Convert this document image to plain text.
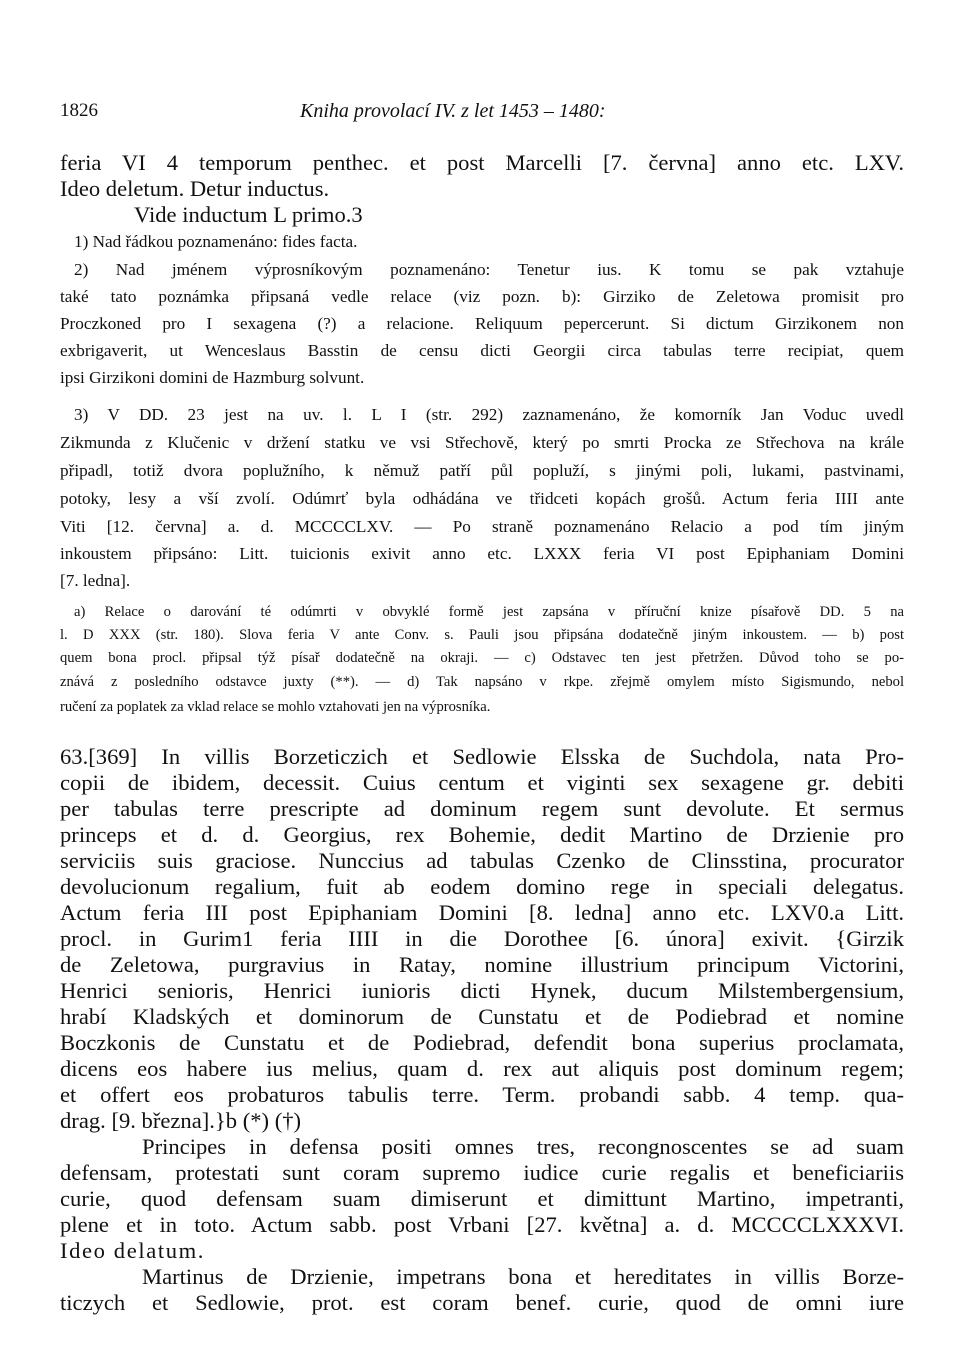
1826	Kniha provolací IV. z let 1453 – 1480:
feria VI 4 temporum penthec. et post Marcelli [7. června] anno etc. LXV.
Ideo deletum. Detur inductus.
Vide inductum L primo.3
1) Nad řádkou poznamenáno: fides facta.
2) Nad jménem výprosníkovým poznamenáno: Tenetur ius. K tomu se pak vztahuje
také tato poznámka připsaná vedle relace (viz pozn. b): Girziko de Zeletowa promisit pro
Proczkoned pro I sexagena (?) a relacione. Reliquum pepercerunt. Si dictum Girzikonem non
exbrigaverit, ut Wenceslaus Basstin de censu dicti Georgii circa tabulas terre recipiat, quem
ipsi Girzikoni domini de Hazmburg solvunt.
3) V DD. 23 jest na uv. l. L I (str. 292) zaznamenáno, že komorník Jan Voduc uvedl
Zikmunda z Klučenic v držení statku ve vsi Střechově, který po smrti Procka ze Střechova na krále
připadl, totiž dvora poplužního, k němuž patří půl popluží, s jinými poli, lukami, pastvinami,
potoky, lesy a vší zvolí. Odúmrť byla odhádána ve třidceti kopách grošů. Actum feria IIII ante
Viti [12. června] a. d. MCCCCLXV. — Po straně poznamenáno Relacio a pod tím jiným
inkoustem připsáno: Litt. tuicionis exivit anno etc. LXXX feria VI post Epiphaniam Domini
[7. ledna].
a) Relace o darování té odúmrti v obvyklé formě jest zapsána v příruční knize písařově DD. 5 na
l. D XXX (str. 180). Slova feria V ante Conv. s. Pauli jsou připsána dodatečně jiným inkoustem. — b) post
quem bona procl. připsal týž písař dodatečně na okraji. — c) Odstavec ten jest přetržen. Důvod toho se po-
znává z posledního odstavce juxty (**). — d) Tak napsáno v rkpe. zřejmě omylem místo Sigismundo, nebol
ručení za poplatek za vklad relace se mohlo vztahovati jen na výprosníka.
63.[369] In villis Borzeticzich et Sedlowie Elsska de Suchdola, nata Pro-
copii de ibidem, decessit. Cuius centum et viginti sex sexagene gr. debiti
per tabulas terre prescripte ad dominum regem sunt devolute. Et sermus
princeps et d. d. Georgius, rex Bohemie, dedit Martino de Drzienie pro
serviciis suis graciose. Nunccius ad tabulas Czenko de Clinsstina, procurator
devolucionum regalium, fuit ab eodem domino rege in speciali delegatus.
Actum feria III post Epiphaniam Domini [8. ledna] anno etc. LXV0.a Litt.
procl. in Gurim1 feria IIII in die Dorothee [6. února] exivit. {Girzik
de Zeletowa, purgravius in Ratay, nomine illustrium principum Victorini,
Henrici senioris, Henrici iunioris dicti Hynek, ducum Milstembergensium,
hrabí Kladských et dominorum de Cunstatu et de Podiebrad et nomine
Boczkonis de Cunstatu et de Podiebrad, defendit bona superius proclamata,
dicens eos habere ius melius, quam d. rex aut aliquis post dominum regem;
et offert eos probaturos tabulis terre. Term. probandi sabb. 4 temp. qua-
drag. [9. března].}b (*) (†)
Principes in defensa positi omnes tres, recongnoscentes se ad suam
defensam, protestati sunt coram supremo iudice curie regalis et beneficiariis
curie, quod defensam suam dimiserunt et dimittunt Martino, impetranti,
plene et in toto. Actum sabb. post Vrbani [27. května] a. d. MCCCCLXXXVI.
Ideo delatum.
Martinus de Drzienie, impetrans bona et hereditates in villis Borze-
ticzych et Sedlowie, prot. est coram benef. curie, quod de omni iure
